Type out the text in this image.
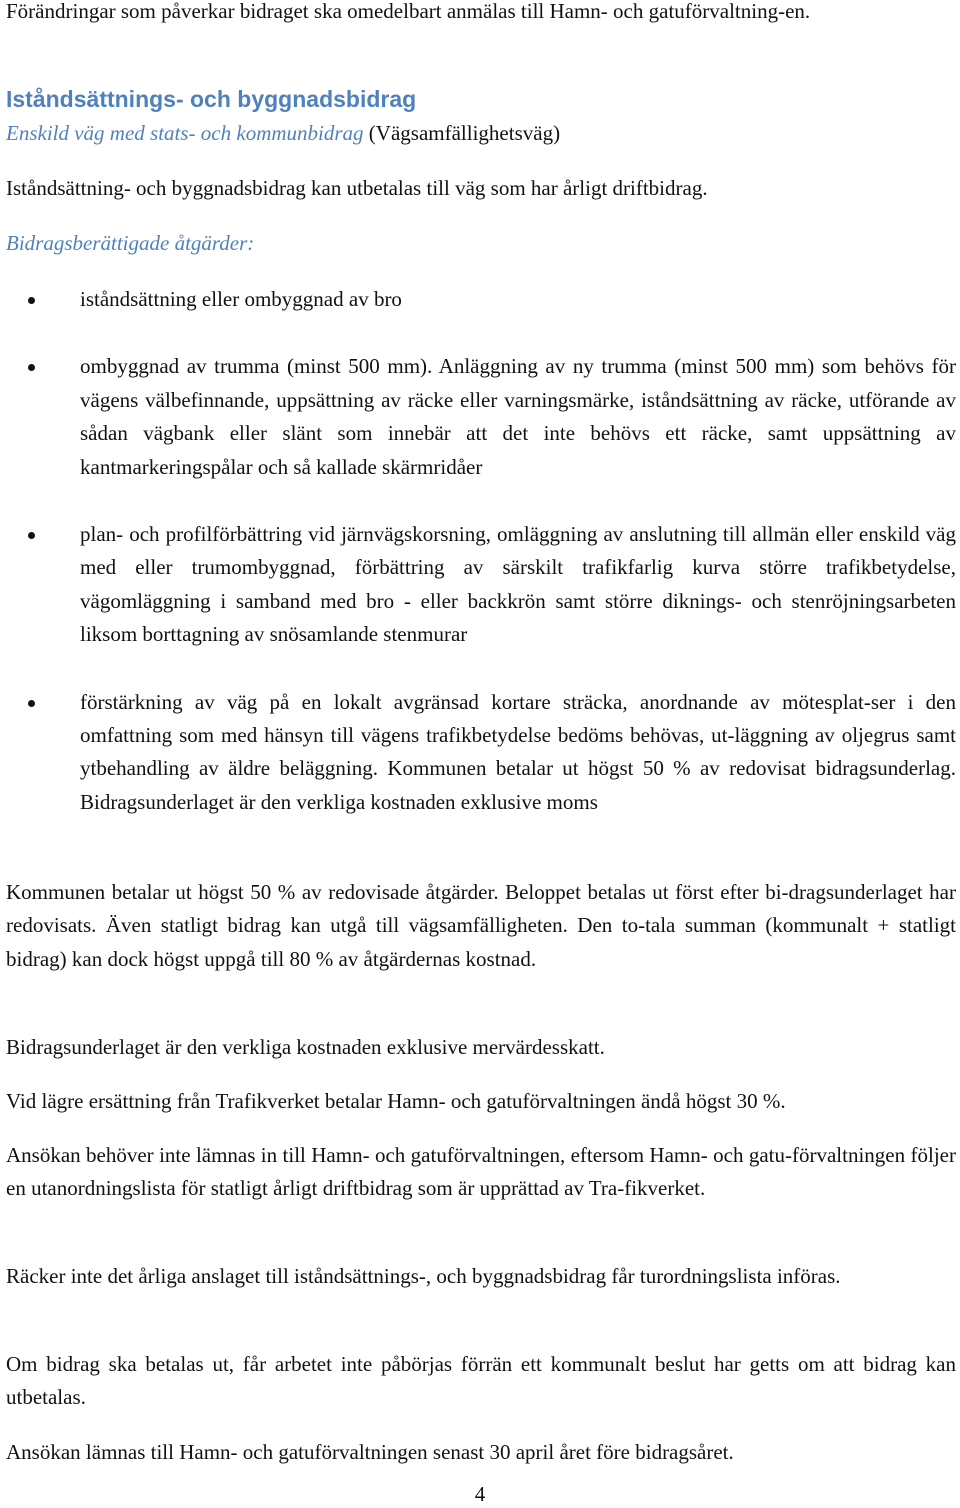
Förändringar som påverkar bidraget ska omedelbart anmälas till Hamn- och gatuförvaltning-en.

Iståndsättnings- och byggnadsbidrag

Enskild väg med stats- och kommunbidrag (Vägsamfällighetsväg)

Iståndsättning- och byggnadsbidrag kan utbetalas till väg som har årligt driftbidrag.

Bidragsberättigade åtgärder:

iståndsättning eller ombyggnad av bro
ombyggnad av trumma (minst 500 mm). Anläggning av ny trumma (minst 500 mm) som behövs för vägens välbefinnande, uppsättning av räcke eller varningsmärke, iståndsättning av räcke, utförande av sådan vägbank eller slänt som innebär att det inte behövs ett räcke, samt uppsättning av kantmarkeringspålar och så kallade skärmridåer
plan- och profilförbättring vid järnvägskorsning, omläggning av anslutning till allmän eller enskild väg med eller trumombyggnad, förbättring av särskilt trafikfarlig kurva större trafikbetydelse, vägomläggning i samband med bro - eller backkrön samt större diknings- och stenröjningsarbeten liksom borttagning av snösamlande stenmurar
förstärkning av väg på en lokalt avgränsad kortare sträcka, anordnande av mötesplat-ser i den omfattning som med hänsyn till vägens trafikbetydelse bedöms behövas, ut-läggning av oljegrus samt ytbehandling av äldre beläggning. Kommunen betalar ut högst 50 % av redovisat bidragsunderlag. Bidragsunderlaget är den verkliga kostnaden exklusive moms

Kommunen betalar ut högst 50 % av redovisade åtgärder. Beloppet betalas ut först efter bi-dragsunderlaget har redovisats. Även statligt bidrag kan utgå till vägsamfälligheten. Den to-tala summan (kommunalt + statligt bidrag) kan dock högst uppgå till 80 % av åtgärdernas kostnad.

Bidragsunderlaget är den verkliga kostnaden exklusive mervärdesskatt.

Vid lägre ersättning från Trafikverket betalar Hamn- och gatuförvaltningen ändå högst 30 %.

Ansökan behöver inte lämnas in till Hamn- och gatuförvaltningen, eftersom Hamn- och gatu-förvaltningen följer en utanordningslista för statligt årligt driftbidrag som är upprättad av Tra-fikverket.

Räcker inte det årliga anslaget till iståndsättnings-, och byggnadsbidrag får turordningslista införas.

Om bidrag ska betalas ut, får arbetet inte påbörjas förrän ett kommunalt beslut har getts om att bidrag kan utbetalas.

Ansökan lämnas till Hamn- och gatuförvaltningen senast 30 april året före bidragsåret.

4
